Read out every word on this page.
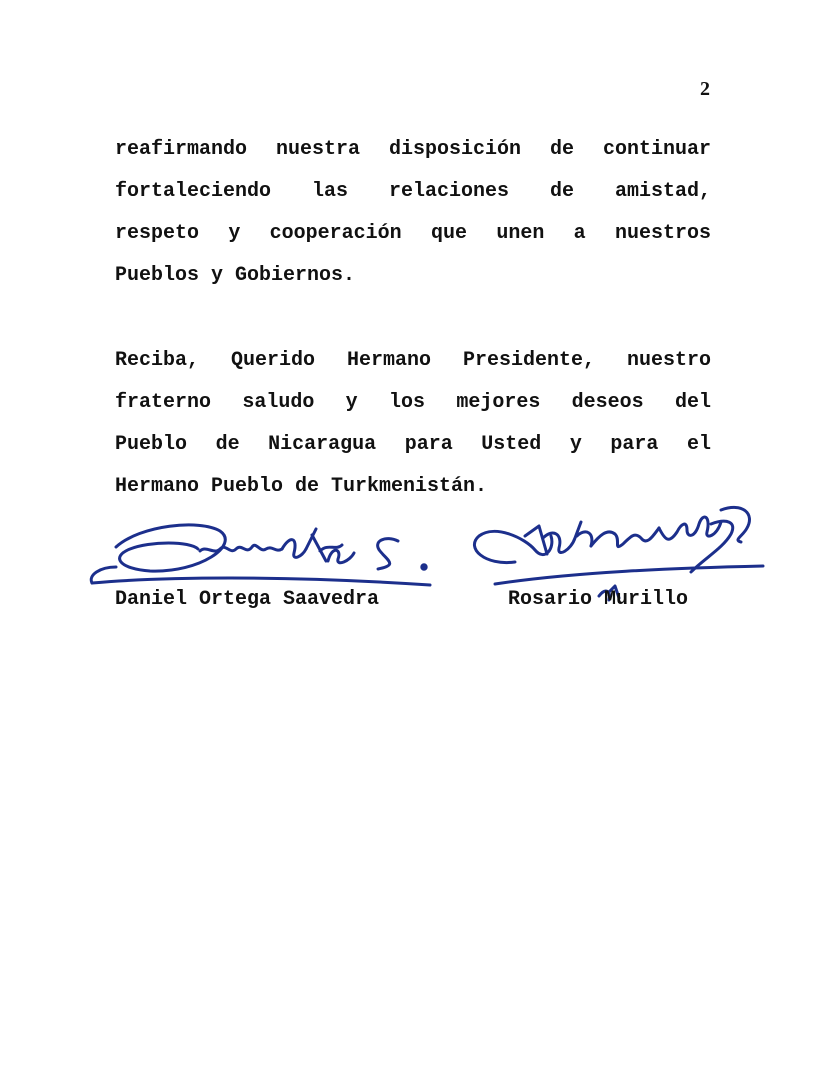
2

reafirmando nuestra disposición de continuar
fortaleciendo las relaciones de amistad,
respeto y cooperación que unen a nuestros
Pueblos y Gobiernos.

Reciba, Querido Hermano Presidente, nuestro
fraterno saludo y los mejores deseos del
Pueblo de Nicaragua para Usted y para el
Hermano Pueblo de Turkmenistán.

Daniel Ortega Saavedra	Rosario Murillo
